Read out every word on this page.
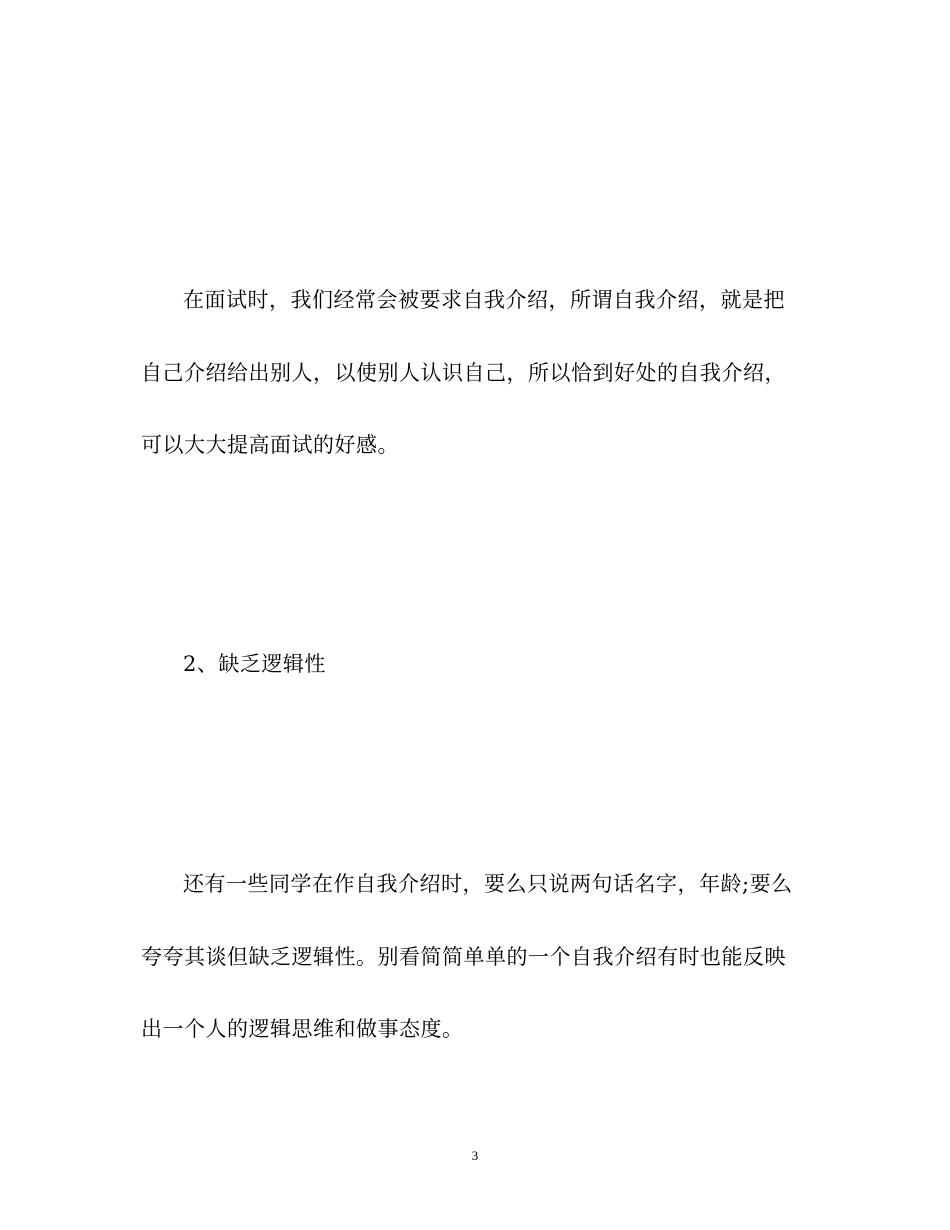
在面试时，我们经常会被要求自我介绍，所谓自我介绍，就是把
自己介绍给出别人，以使别人认识自己，所以恰到好处的自我介绍，
可以大大提高面试的好感。
2、缺乏逻辑性
还有一些同学在作自我介绍时，要么只说两句话名字，年龄;要么
夸夸其谈但缺乏逻辑性。别看简简单单的一个自我介绍有时也能反映
出一个人的逻辑思维和做事态度。
3
